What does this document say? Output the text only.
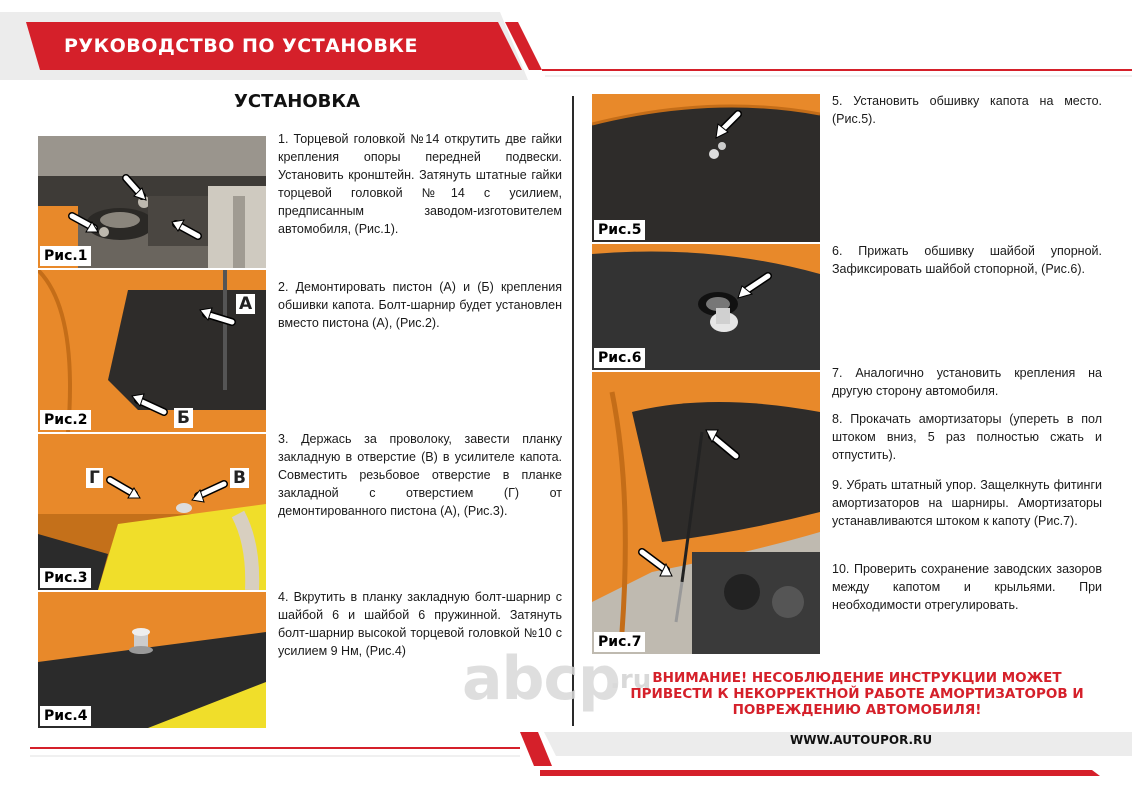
РУКОВОДСТВО ПО УСТАНОВКЕ
УСТАНОВКА
Рис.1
А
Б
Рис.2
Г	В
Рис.3
Рис.4
Рис.5
Рис.6
Рис.7
1. Торцевой головкой №14 открутить две гайки крепления опоры передней подвески. Установить кронштейн. Затянуть штатные гайки торцевой головкой №14 с усилием, предписанным заводом-изготовителем автомобиля, (Рис.1).
2. Демонтировать пистон (А) и (Б) крепления обшивки капота. Болт-шарнир будет установлен вместо пистона (А), (Рис.2).
3. Держась за проволоку, завести планку закладную в отверстие (В) в усилителе капота. Совместить резьбовое отверстие в планке закладной с отверстием (Г) от демонтированного пистона (А), (Рис.3).
4. Вкрутить в планку закладную болт-шарнир с шайбой 6 и шайбой 6 пружинной. Затянуть болт-шарнир высокой торцевой головкой №10 с усилием 9 Нм, (Рис.4)
5. Установить обшивку капота на место. (Рис.5).
6. Прижать обшивку шайбой упорной. Зафиксировать шайбой стопорной, (Рис.6).
7. Аналогично установить крепления на другую сторону автомобиля.
8. Прокачать амортизаторы (упереть в пол штоком вниз, 5 раз полностью сжать и отпустить).
9. Убрать штатный упор. Защелкнуть фитинги амортизаторов на шарниры. Амортизаторы устанавливаются штоком к капоту (Рис.7).
10. Проверить сохранение заводских зазоров между капотом и крыльями. При необходимости отрегулировать.
abcp
.ru ВНИМАНИЕ! НЕСОБЛЮДЕНИЕ ИНСТРУКЦИИ МОЖЕТ ПРИВЕСТИ К НЕКОРРЕКТНОЙ РАБОТЕ АМОРТИЗАТОРОВ И ПОВРЕЖДЕНИЮ АВТОМОБИЛЯ!
WWW.AUTOUPOR.RU
